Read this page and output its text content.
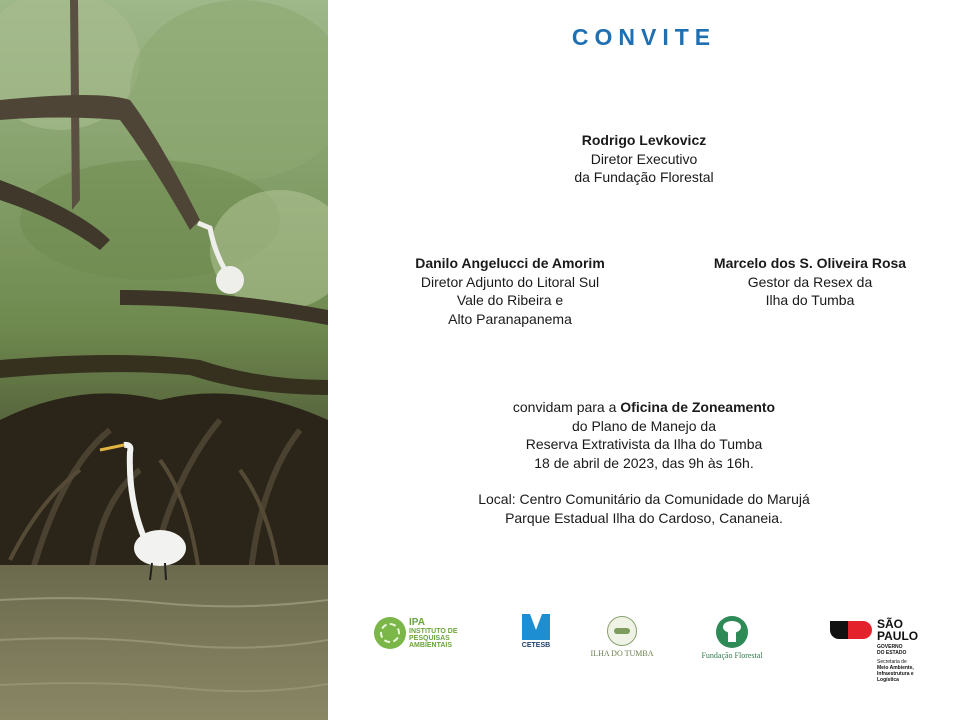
CONVITE
Rodrigo Levkovicz
Diretor Executivo
da Fundação Florestal
Danilo Angelucci de Amorim
Diretor Adjunto do Litoral Sul
Vale do Ribeira e
Alto Paranapanema
Marcelo dos S. Oliveira Rosa
Gestor da Resex da
Ilha do Tumba
convidam para a Oficina de Zoneamento
do Plano de Manejo da
Reserva Extrativista da Ilha do Tumba
18 de abril de 2023, das 9h às 16h.
Local: Centro Comunitário da Comunidade do Marujá
Parque Estadual Ilha do Cardoso, Cananeia.
IPA
INSTITUTO DE
PESQUISAS AMBIENTAIS	CETESB
ILHA DO TUMBA	Fundação Florestal
SÃO
PAULO
GOVERNO
DO ESTADO
Secretaria de
Meio Ambiente,
Infraestrutura e
Logística
